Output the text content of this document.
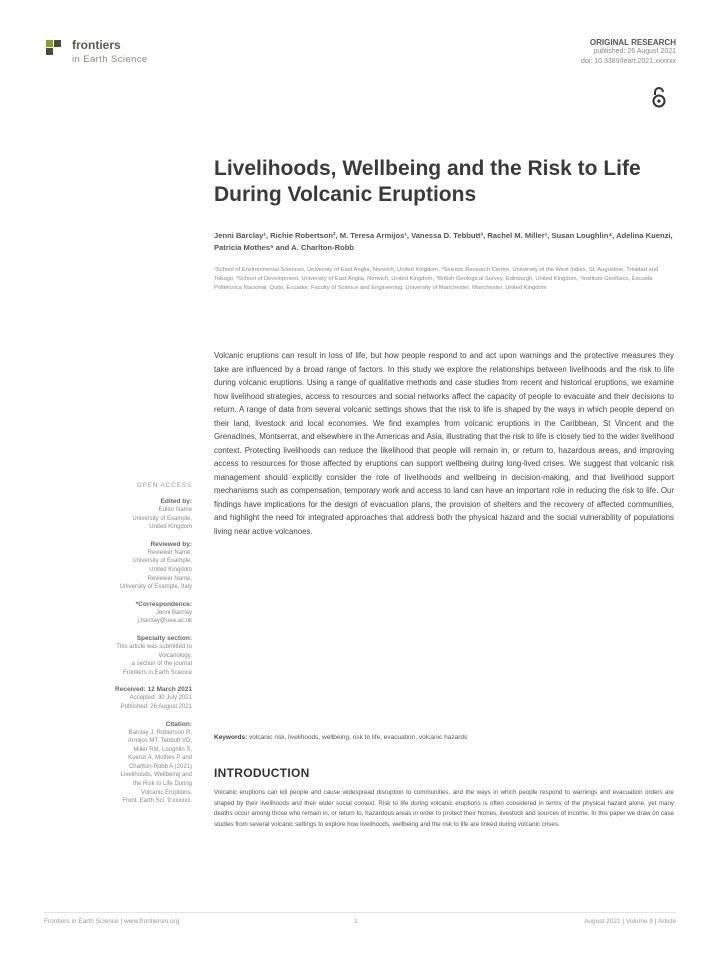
frontiers
in Earth Science
ORIGINAL RESEARCH
published: 26 August 2021
doi: 10.3389/feart.2021.xxxxxx
Livelihoods, Wellbeing and the Risk to Life During Volcanic Eruptions
Jenni Barclay¹, Richie Robertson², M. Teresa Armijos¹, Vanessa D. Tebbutt³, Rachel M. Miller¹, Susan Loughlin⁴, Adelina Kuenzi, Patricia Mothes⁵ and A. Charlton-Robb
¹School of Environmental Sciences, University of East Anglia, Norwich, United Kingdom, ²Seismic Research Centre, University of the West Indies, St. Augustine, Trinidad and Tobago, ³School of Development, University of East Anglia, Norwich, United Kingdom, ⁴British Geological Survey, Edinburgh, United Kingdom, ⁵Instituto Geofísico, Escuela Politécnica Nacional, Quito, Ecuador, Faculty of Science and Engineering, University of Manchester, Manchester, United Kingdom
OPEN ACCESS
Edited by:
Editor Name
University of Example,
United Kingdom
Reviewed by:
Reviewer Name,
University of Example,
United Kingdom
Reviewer Name,
University of Example, Italy
*Correspondence:
Jenni Barclay
j.barclay@uea.ac.uk
Specialty section:
This article was submitted to
Volcanology,
a section of the journal
Frontiers in Earth Science
Received: 12 March 2021
Accepted: 30 July 2021
Published: 26 August 2021
Citation:
Barclay J, Robertson R,
Armijos MT, Tebbutt VD,
Miller RM, Loughlin S,
Kuenzi A, Mothes P and
Charlton-Robb A (2021)
Livelihoods, Wellbeing and
the Risk to Life During
Volcanic Eruptions.
Front. Earth Sci. 9:xxxxxx.
Volcanic eruptions can result in loss of life, but how people respond to and act upon warnings and the protective measures they take are influenced by a broad range of factors. In this study we explore the relationships between livelihoods and the risk to life during volcanic eruptions. Using a range of qualitative methods and case studies from recent and historical eruptions, we examine how livelihood strategies, access to resources and social networks affect the capacity of people to evacuate and their decisions to return. A range of data from several volcanic settings shows that the risk to life is shaped by the ways in which people depend on their land, livestock and local economies. We find examples from volcanic eruptions in the Caribbean, St Vincent and the Grenadines, Montserrat, and elsewhere in the Americas and Asia, illustrating that the risk to life is closely tied to the wider livelihood context. Protecting livelihoods can reduce the likelihood that people will remain in, or return to, hazardous areas, and improving access to resources for those affected by eruptions can support wellbeing during long-lived crises. We suggest that volcanic risk management should explicitly consider the role of livelihoods and wellbeing in decision-making, and that livelihood support mechanisms such as compensation, temporary work and access to land can have an important role in reducing the risk to life. Our findings have implications for the design of evacuation plans, the provision of shelters and the recovery of affected communities, and highlight the need for integrated approaches that address both the physical hazard and the social vulnerability of populations living near active volcanoes.
Keywords: volcanic risk, livelihoods, wellbeing, risk to life, evacuation, volcanic hazards
INTRODUCTION
Volcanic eruptions can kill people and cause widespread disruption to communities, and the ways in which people respond to warnings and evacuation orders are shaped by their livelihoods and their wider social context. Risk to life during volcanic eruptions is often considered in terms of the physical hazard alone, yet many deaths occur among those who remain in, or return to, hazardous areas in order to protect their homes, livestock and sources of income. In this paper we draw on case studies from several volcanic settings to explore how livelihoods, wellbeing and the risk to life are linked during volcanic crises.
Frontiers in Earth Science | www.frontiersin.org	1	August 2021 | Volume 9 | Article
